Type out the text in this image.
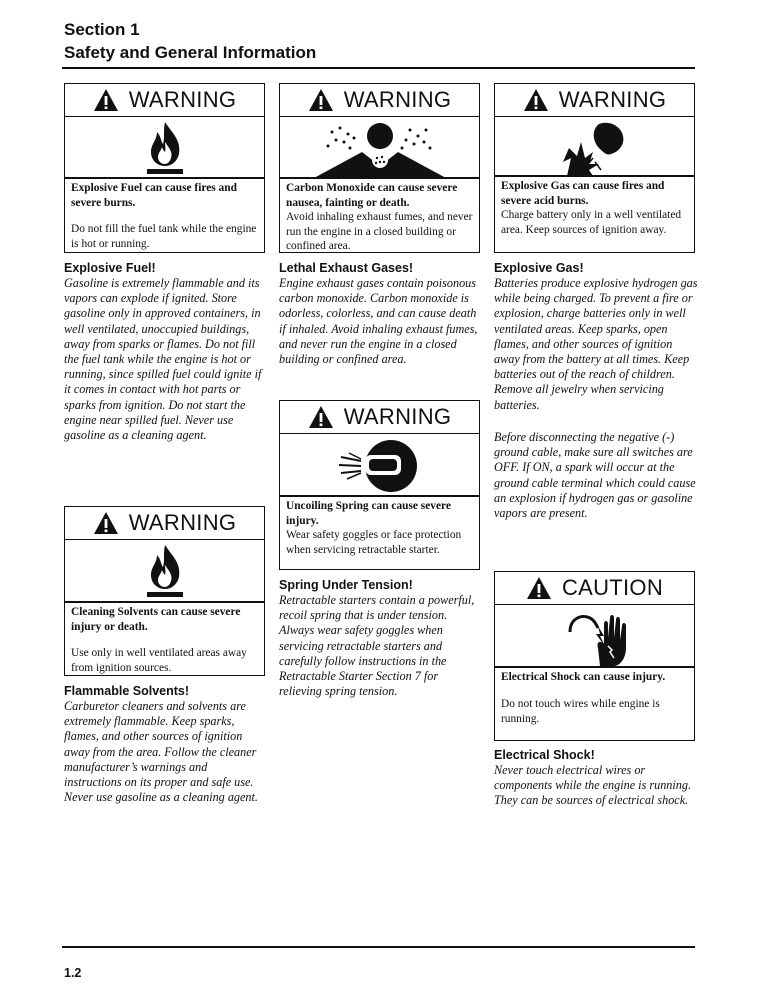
Section 1
Safety and General Information
WARNING
Explosive Fuel can cause fires and severe burns.
Do not fill the fuel tank while the engine is hot or running.
Explosive Fuel!
Gasoline is extremely flammable and its vapors can explode if ignited. Store gasoline only in approved containers, in well ventilated, unoccupied buildings, away from sparks or flames. Do not fill the fuel tank while the engine is hot or running, since spilled fuel could ignite if it comes in contact with hot parts or sparks from ignition. Do not start the engine near spilled fuel. Never use gasoline as a cleaning agent.
WARNING
Cleaning Solvents can cause severe injury or death.
Use only in well ventilated areas away from ignition sources.
Flammable Solvents!
Carburetor cleaners and solvents are extremely flammable. Keep sparks, flames, and other sources of ignition away from the area. Follow the cleaner manufacturer’s warnings and instructions on its proper and safe use. Never use gasoline as a cleaning agent.
WARNING
Carbon Monoxide can cause severe nausea, fainting or death.
Avoid inhaling exhaust fumes, and never run the engine in a closed building or confined area.
Lethal Exhaust Gases!
Engine exhaust gases contain poisonous carbon monoxide. Carbon monoxide is odorless, colorless, and can cause death if inhaled. Avoid inhaling exhaust fumes, and never run the engine in a closed building or confined area.
WARNING
Uncoiling Spring can cause severe injury.
Wear safety goggles or face protection when servicing retractable starter.
Spring Under Tension!
Retractable starters contain a powerful, recoil spring that is under tension. Always wear safety goggles when servicing retractable starters and carefully follow instructions in the Retractable Starter Section 7 for relieving spring tension.
WARNING
Explosive Gas can cause fires and severe acid burns.
Charge battery only in a well ventilated area. Keep sources of ignition away.
Explosive Gas!
Batteries produce explosive hydrogen gas while being charged. To prevent a fire or explosion, charge batteries only in well ventilated areas. Keep sparks, open flames, and other sources of ignition away from the battery at all times. Keep batteries out of the reach of children. Remove all jewelry when servicing batteries.
Before disconnecting the negative (-) ground cable, make sure all switches are OFF. If ON, a spark will occur at the ground cable terminal which could cause an explosion if hydrogen gas or gasoline vapors are present.
CAUTION
Electrical Shock can cause injury.
Do not touch wires while engine is running.
Electrical Shock!
Never touch electrical wires or components while the engine is running. They can be sources of electrical shock.
1.2
